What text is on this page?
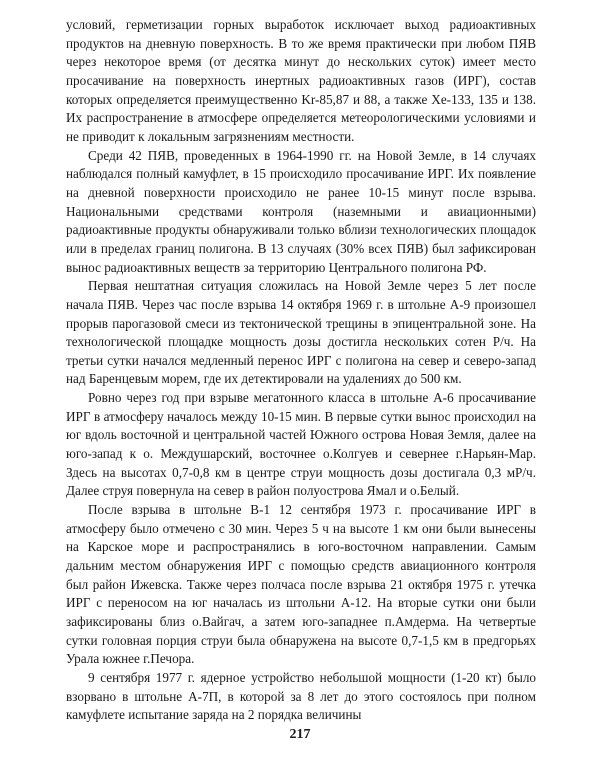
условий, герметизации горных выработок исключает выход радиоактивных продуктов на дневную поверхность. В то же время практически при любом ПЯВ через некоторое время (от десятка минут до нескольких суток) имеет место просачивание на поверхность инертных радиоактивных газов (ИРГ), состав которых определяется преимущественно Kr-85,87 и 88, а также Xe-133, 135 и 138. Их распространение в атмосфере определяется метеорологическими условиями и не приводит к локальным загрязнениям местности.

Среди 42 ПЯВ, проведенных в 1964-1990 гг. на Новой Земле, в 14 случаях наблюдался полный камуфлет, в 15 происходило просачивание ИРГ. Их появление на дневной поверхности происходило не ранее 10-15 минут после взрыва. Национальными средствами контроля (наземными и авиационными) радиоактивные продукты обнаруживали только вблизи технологических площадок или в пределах границ полигона. В 13 случаях (30% всех ПЯВ) был зафиксирован вынос радиоактивных веществ за территорию Центрального полигона РФ.

Первая нештатная ситуация сложилась на Новой Земле через 5 лет после начала ПЯВ. Через час после взрыва 14 октября 1969 г. в штольне А-9 произошел прорыв парогазовой смеси из тектонической трещины в эпицентральной зоне. На технологической площадке мощность дозы достигла нескольких сотен Р/ч. На третьи сутки начался медленный перенос ИРГ с полигона на север и северо-запад над Баренцевым морем, где их детектировали на удалениях до 500 км.

Ровно через год при взрыве мегатонного класса в штольне А-6 просачивание ИРГ в атмосферу началось между 10-15 мин. В первые сутки вынос происходил на юг вдоль восточной и центральной частей Южного острова Новая Земля, далее на юго-запад к о. Междушарский, восточнее о.Колгуев и севернее г.Нарьян-Мар. Здесь на высотах 0,7-0,8 км в центре струи мощность дозы достигала 0,3 мР/ч. Далее струя повернула на север в район полуострова Ямал и о.Белый.

После взрыва в штольне В-1 12 сентября 1973 г. просачивание ИРГ в атмосферу было отмечено с 30 мин. Через 5 ч на высоте 1 км они были вынесены на Карское море и распространялись в юго-восточном направлении. Самым дальним местом обнаружения ИРГ с помощью средств авиационного контроля был район Ижевска. Также через полчаса после взрыва 21 октября 1975 г. утечка ИРГ с переносом на юг началась из штольни А-12. На вторые сутки они были зафиксированы близ о.Вайгач, а затем юго-западнее п.Амдерма. На четвертые сутки головная порция струи была обнаружена на высоте 0,7-1,5 км в предгорьях Урала южнее г.Печора.

9 сентября 1977 г. ядерное устройство небольшой мощности (1-20 кт) было взорвано в штольне А-7П, в которой за 8 лет до этого состоялось при полном камуфлете испытание заряда на 2 порядка величины

217
